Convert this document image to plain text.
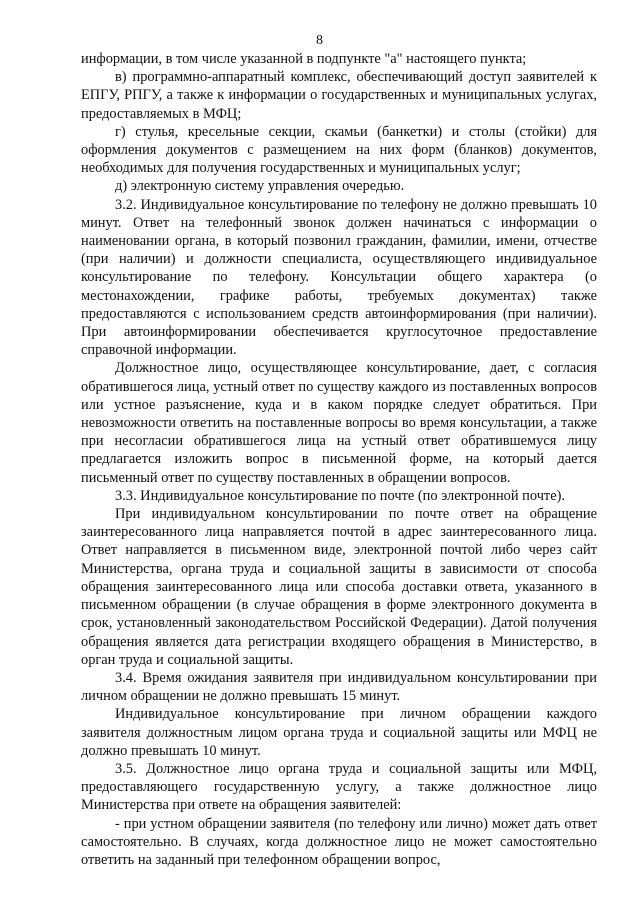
8

информации, в том числе указанной в подпункте "а" настоящего пункта;

в) программно-аппаратный комплекс, обеспечивающий доступ заявителей к ЕПГУ, РПГУ, а также к информации о государственных и муниципальных услугах, предоставляемых в МФЦ;

г) стулья, кресельные секции, скамьи (банкетки) и столы (стойки) для оформления документов с размещением на них форм (бланков) документов, необходимых для получения государственных и муниципальных услуг;

д) электронную систему управления очередью.

3.2. Индивидуальное консультирование по телефону не должно превышать 10 минут. Ответ на телефонный звонок должен начинаться с информации о наименовании органа, в который позвонил гражданин, фамилии, имени, отчестве (при наличии) и должности специалиста, осуществляющего индивидуальное консультирование по телефону. Консультации общего характера (о местонахождении, графике работы, требуемых документах) также предоставляются с использованием средств автоинформирования (при наличии). При автоинформировании обеспечивается круглосуточное предоставление справочной информации.

Должностное лицо, осуществляющее консультирование, дает, с согласия обратившегося лица, устный ответ по существу каждого из поставленных вопросов или устное разъяснение, куда и в каком порядке следует обратиться. При невозможности ответить на поставленные вопросы во время консультации, а также при несогласии обратившегося лица на устный ответ обратившемуся лицу предлагается изложить вопрос в письменной форме, на который дается письменный ответ по существу поставленных в обращении вопросов.

3.3. Индивидуальное консультирование по почте (по электронной почте).

При индивидуальном консультировании по почте ответ на обращение заинтересованного лица направляется почтой в адрес заинтересованного лица. Ответ направляется в письменном виде, электронной почтой либо через сайт Министерства, органа труда и социальной защиты в зависимости от способа обращения заинтересованного лица или способа доставки ответа, указанного в письменном обращении (в случае обращения в форме электронного документа в срок, установленный законодательством Российской Федерации). Датой получения обращения является дата регистрации входящего обращения в Министерство, в орган труда и социальной защиты.

3.4. Время ожидания заявителя при индивидуальном консультировании при личном обращении не должно превышать 15 минут.

Индивидуальное консультирование при личном обращении каждого заявителя должностным лицом органа труда и социальной защиты или МФЦ не должно превышать 10 минут.

3.5. Должностное лицо органа труда и социальной защиты или МФЦ, предоставляющего государственную услугу, а также должностное лицо Министерства при ответе на обращения заявителей:

- при устном обращении заявителя (по телефону или лично) может дать ответ самостоятельно. В случаях, когда должностное лицо не может самостоятельно ответить на заданный при телефонном обращении вопрос,
